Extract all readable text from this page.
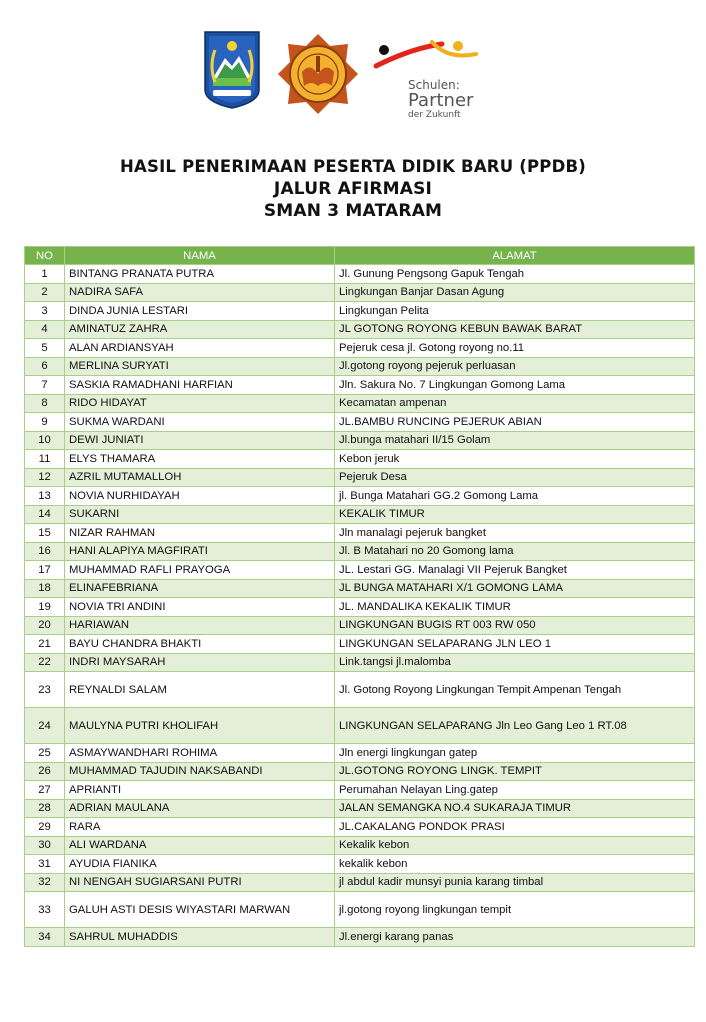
Schulen:
Partner
der Zukunft
HASIL PENERIMAAN PESERTA DIDIK BARU (PPDB)
JALUR AFIRMASI
SMAN 3 MATARAM
NO	NAMA	ALAMAT
1	BINTANG PRANATA PUTRA	Jl. Gunung Pengsong Gapuk Tengah
2	NADIRA SAFA	Lingkungan Banjar Dasan Agung
3	DINDA JUNIA LESTARI	Lingkungan Pelita
4	AMINATUZ ZAHRA	JL GOTONG ROYONG KEBUN BAWAK BARAT
5	ALAN ARDIANSYAH	Pejeruk cesa jl. Gotong royong no.11
6	MERLINA SURYATI	Jl.gotong royong pejeruk perluasan
7	SASKIA RAMADHANI HARFIAN	Jln. Sakura No. 7 Lingkungan Gomong Lama
8	RIDO HIDAYAT	Kecamatan ampenan
9	SUKMA WARDANI	JL.BAMBU RUNCING PEJERUK ABIAN
10	DEWI JUNIATI	Jl.bunga matahari II/15 Golam
11	ELYS THAMARA	Kebon jeruk
12	AZRIL MUTAMALLOH	Pejeruk Desa
13	NOVIA NURHIDAYAH	jl. Bunga Matahari GG.2 Gomong Lama
14	SUKARNI	KEKALIK TIMUR
15	NIZAR RAHMAN	Jln manalagi pejeruk bangket
16	HANI ALAPIYA MAGFIRATI	Jl. B Matahari no 20 Gomong lama
17	MUHAMMAD RAFLI PRAYOGA	JL. Lestari GG. Manalagi VII Pejeruk Bangket
18	ELINAFEBRIANA	JL BUNGA MATAHARI X/1 GOMONG LAMA
19	NOVIA TRI ANDINI	JL. MANDALIKA KEKALIK TIMUR
20	HARIAWAN	LINGKUNGAN BUGIS RT 003 RW 050
21	BAYU CHANDRA BHAKTI	LINGKUNGAN SELAPARANG JLN LEO 1
22	INDRI MAYSARAH	Link.tangsi jl.malomba
23	REYNALDI SALAM	Jl. Gotong Royong Lingkungan Tempit Ampenan Tengah
24	MAULYNA PUTRI KHOLIFAH	LINGKUNGAN SELAPARANG Jln Leo Gang Leo 1 RT.08
25	ASMAYWANDHARI ROHIMA	Jln energi lingkungan gatep
26	MUHAMMAD TAJUDIN NAKSABANDI	JL.GOTONG ROYONG LINGK. TEMPIT
27	APRIANTI	Perumahan Nelayan Ling.gatep
28	ADRIAN MAULANA	JALAN SEMANGKA NO.4 SUKARAJA TIMUR
29	RARA	JL.CAKALANG PONDOK PRASI
30	ALI WARDANA	Kekalik kebon
31	AYUDIA FIANIKA	kekalik kebon
32	NI NENGAH SUGIARSANI PUTRI	jl abdul kadir munsyi punia karang timbal
33	GALUH ASTI DESIS WIYASTARI MARWAN	jl.gotong royong lingkungan tempit
34	SAHRUL MUHADDIS	Jl.energi karang panas
